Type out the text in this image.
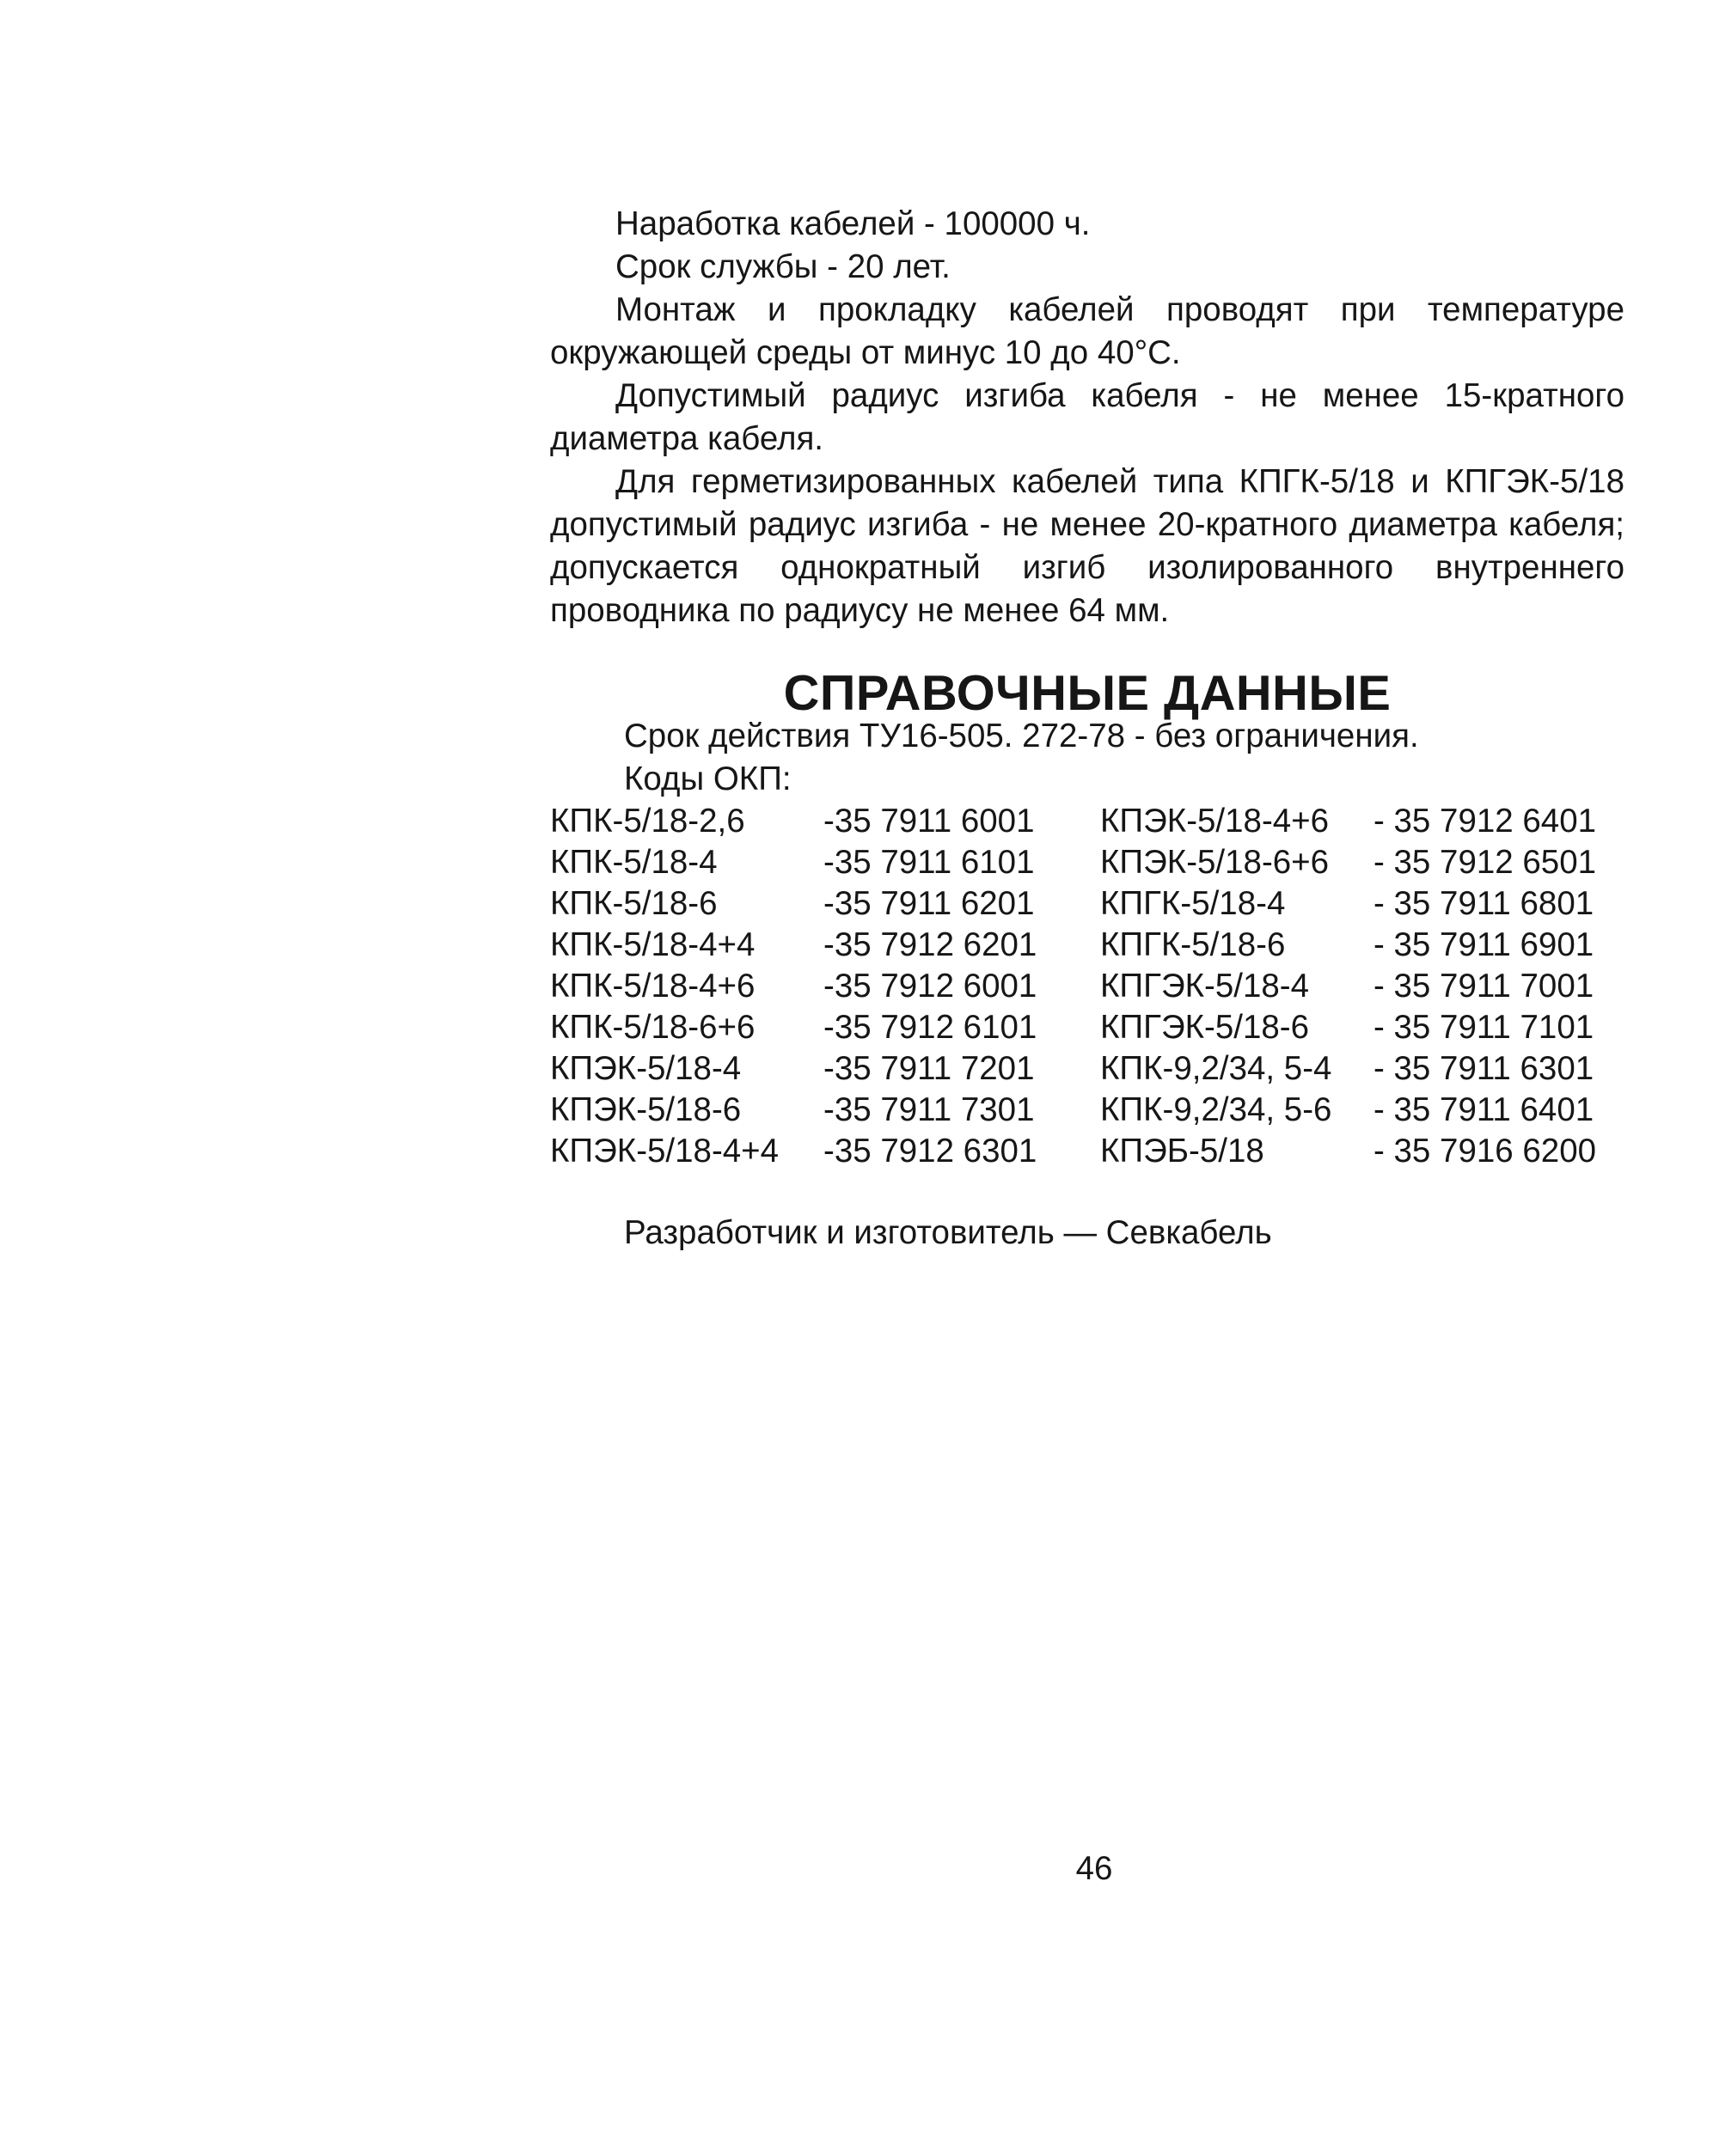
Наработка кабелей - 100000 ч.

Срок службы - 20 лет.

Монтаж и прокладку кабелей проводят при температуре окружающей среды от минус 10 до 40°С.

Допустимый радиус изгиба кабеля - не менее 15-кратного диаметра кабеля.

Для герметизированных кабелей типа КПГК-5/18 и КПГЭК-5/18 допустимый радиус изгиба - не менее 20-кратного диаметра кабеля; допускается однократный изгиб изолированного внутреннего проводника по радиусу не менее 64 мм.

СПРАВОЧНЫЕ ДАННЫЕ

Срок действия ТУ16-505. 272-78 - без ограничения.

Коды ОКП:

КПК-5/18-2,6	-35 7911 6001	КПЭК-5/18-4+6	- 35 7912 6401
КПК-5/18-4	-35 7911 6101	КПЭК-5/18-6+6	- 35 7912 6501
КПК-5/18-6	-35 7911 6201	КПГК-5/18-4	- 35 7911 6801
КПК-5/18-4+4	-35 7912 6201	КПГК-5/18-6	- 35 7911 6901
КПК-5/18-4+6	-35 7912 6001	КПГЭК-5/18-4	- 35 7911 7001
КПК-5/18-6+6	-35 7912 6101	КПГЭК-5/18-6	- 35 7911 7101
КПЭК-5/18-4	-35 7911 7201	КПК-9,2/34, 5-4	- 35 7911 6301
КПЭК-5/18-6	-35 7911 7301	КПК-9,2/34, 5-6	- 35 7911 6401
КПЭК-5/18-4+4	-35 7912 6301	КПЭБ-5/18	- 35 7916 6200

Разработчик и изготовитель — Севкабель

46
